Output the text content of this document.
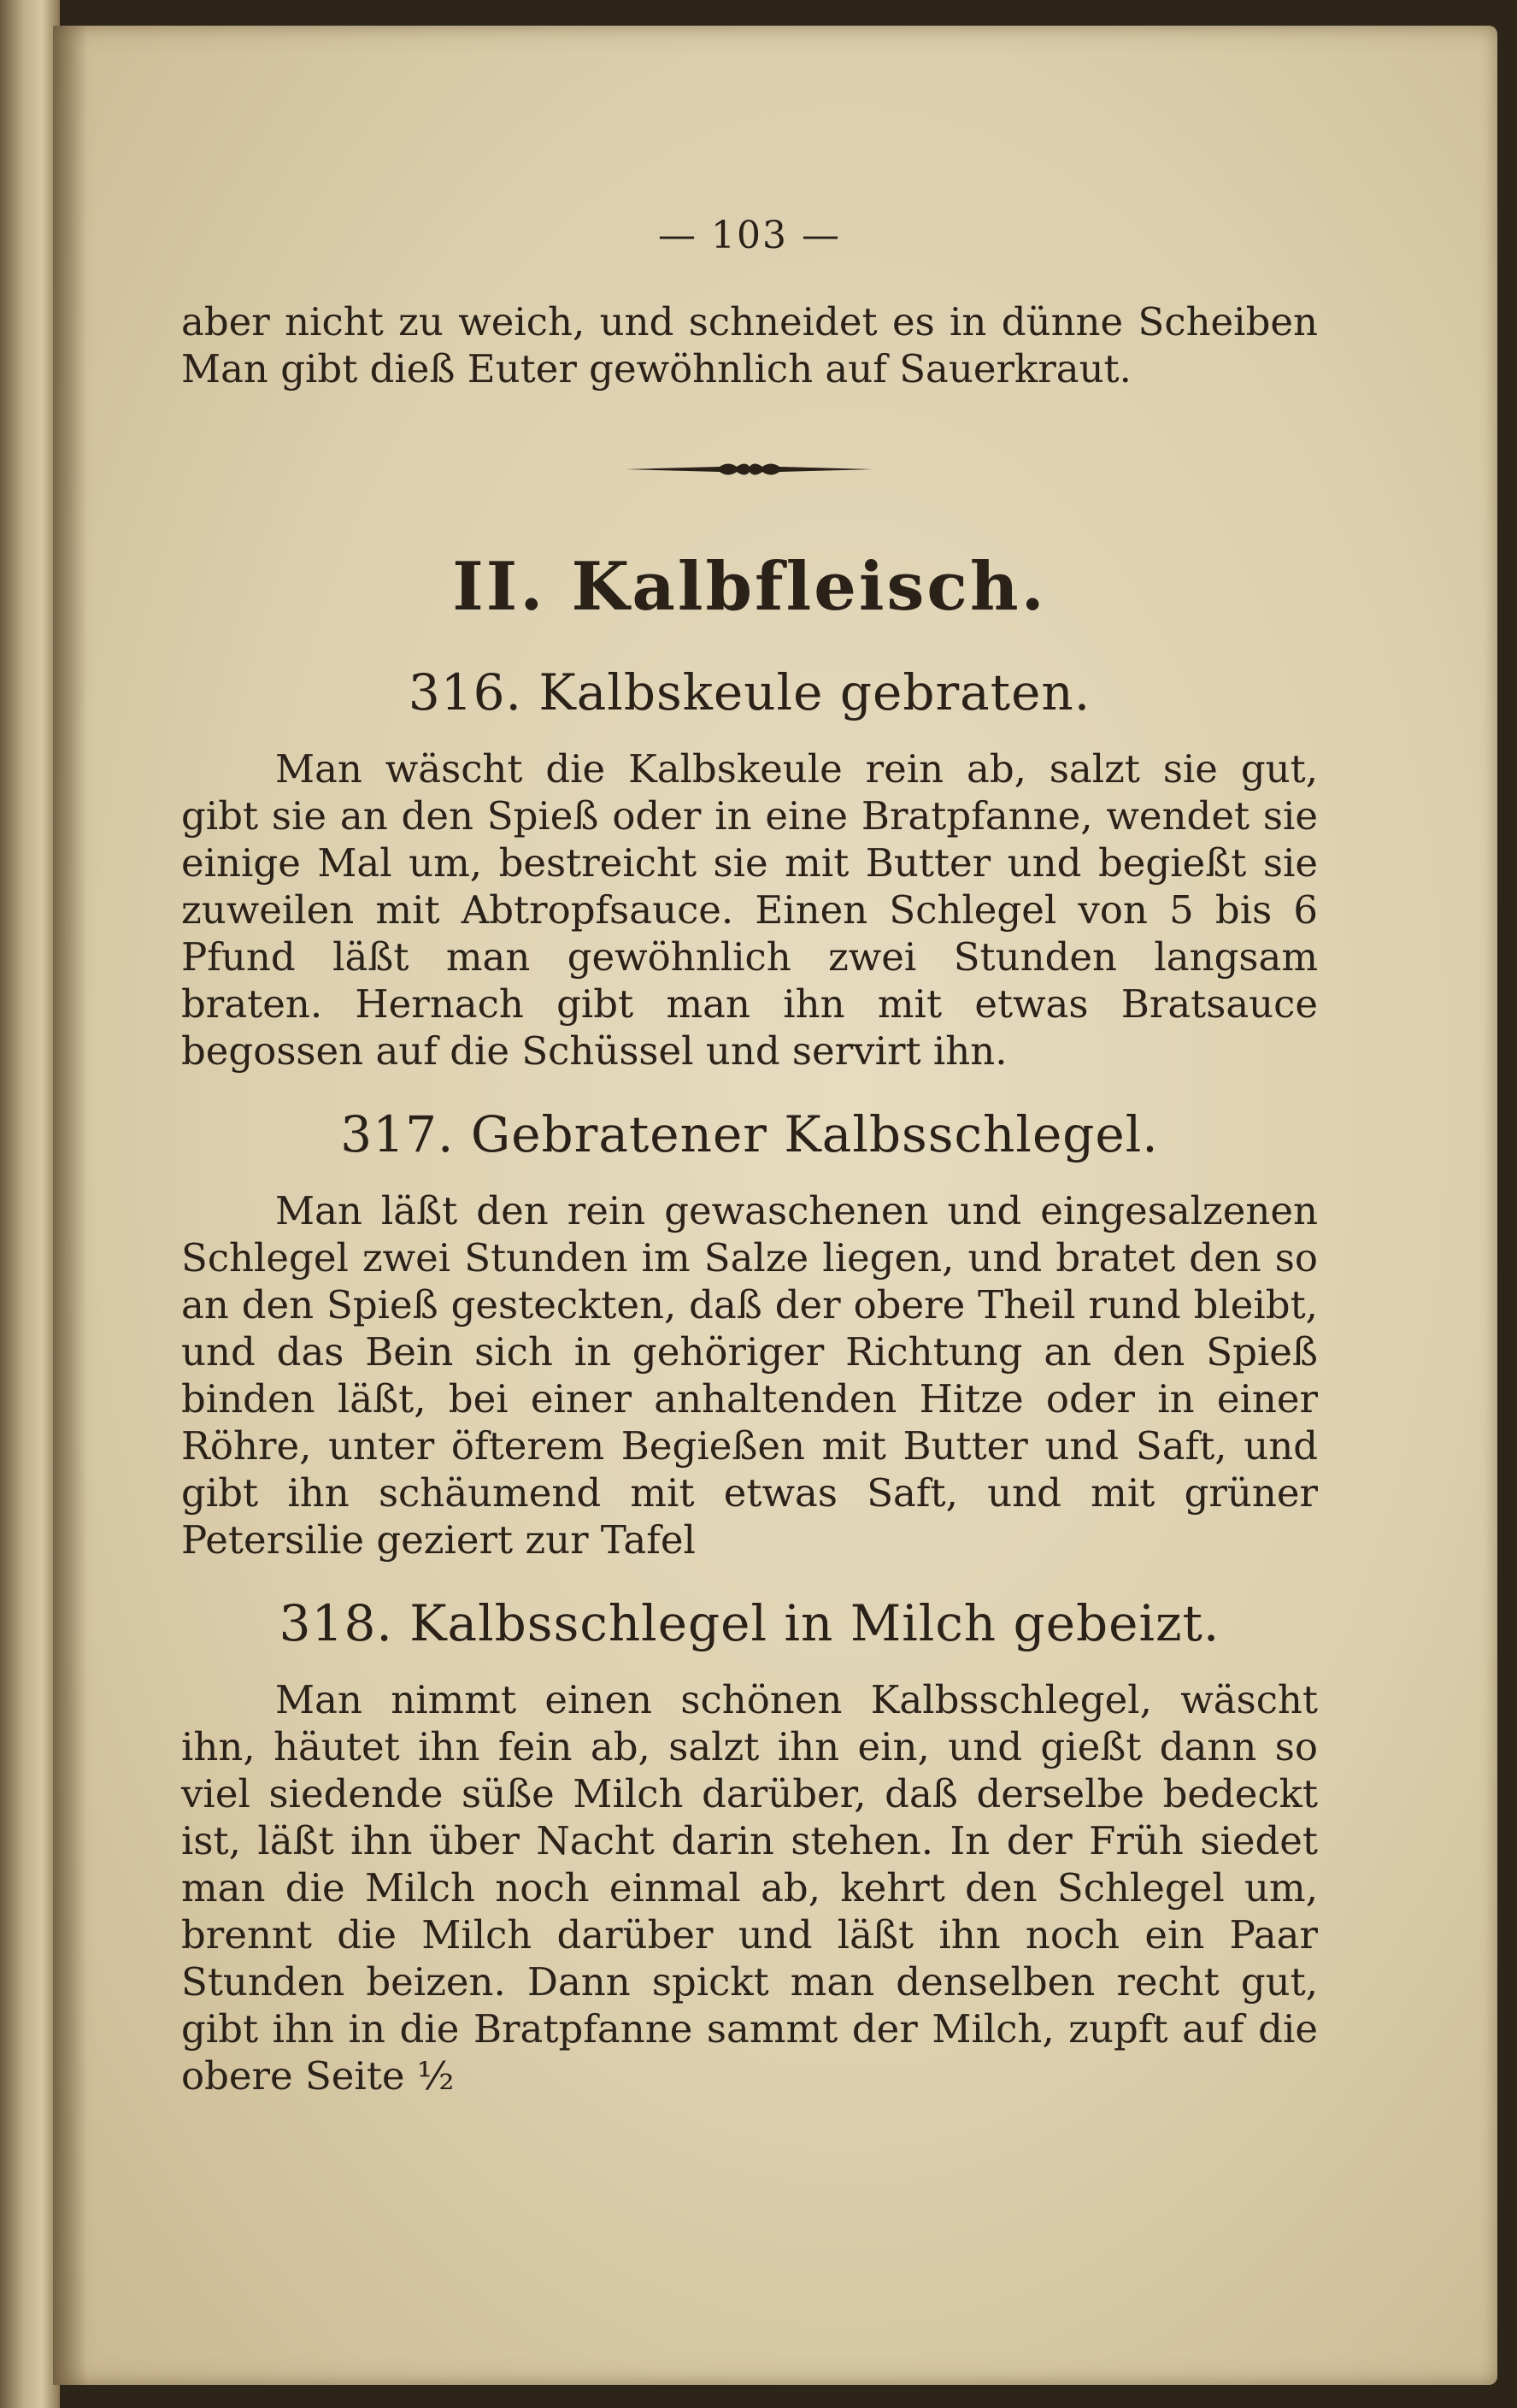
— 103 —

aber nicht zu weich, und schneidet es in dünne Scheiben Man gibt dieß Euter gewöhnlich auf Sauerkraut.

II. Kalbfleisch.
316. Kalbskeule gebraten.

Man wäscht die Kalbskeule rein ab, salzt sie gut, gibt sie an den Spieß oder in eine Bratpfanne, wendet sie einige Mal um, bestreicht sie mit Butter und begießt sie zuweilen mit Abtropfsauce. Einen Schlegel von 5 bis 6 Pfund läßt man gewöhnlich zwei Stunden langsam braten. Hernach gibt man ihn mit etwas Bratsauce begossen auf die Schüssel und servirt ihn.

317. Gebratener Kalbsschlegel.

Man läßt den rein gewaschenen und eingesalzenen Schlegel zwei Stunden im Salze liegen, und bratet den so an den Spieß gesteckten, daß der obere Theil rund bleibt, und das Bein sich in gehöriger Richtung an den Spieß binden läßt, bei einer anhaltenden Hitze oder in einer Röhre, unter öfterem Begießen mit Butter und Saft, und gibt ihn schäumend mit etwas Saft, und mit grüner Petersilie geziert zur Tafel

318. Kalbsschlegel in Milch gebeizt.

Man nimmt einen schönen Kalbsschlegel, wäscht ihn, häutet ihn fein ab, salzt ihn ein, und gießt dann so viel siedende süße Milch darüber, daß derselbe bedeckt ist, läßt ihn über Nacht darin stehen. In der Früh siedet man die Milch noch einmal ab, kehrt den Schlegel um, brennt die Milch darüber und läßt ihn noch ein Paar Stunden beizen. Dann spickt man denselben recht gut, gibt ihn in die Bratpfanne sammt der Milch, zupft auf die obere Seite ½
